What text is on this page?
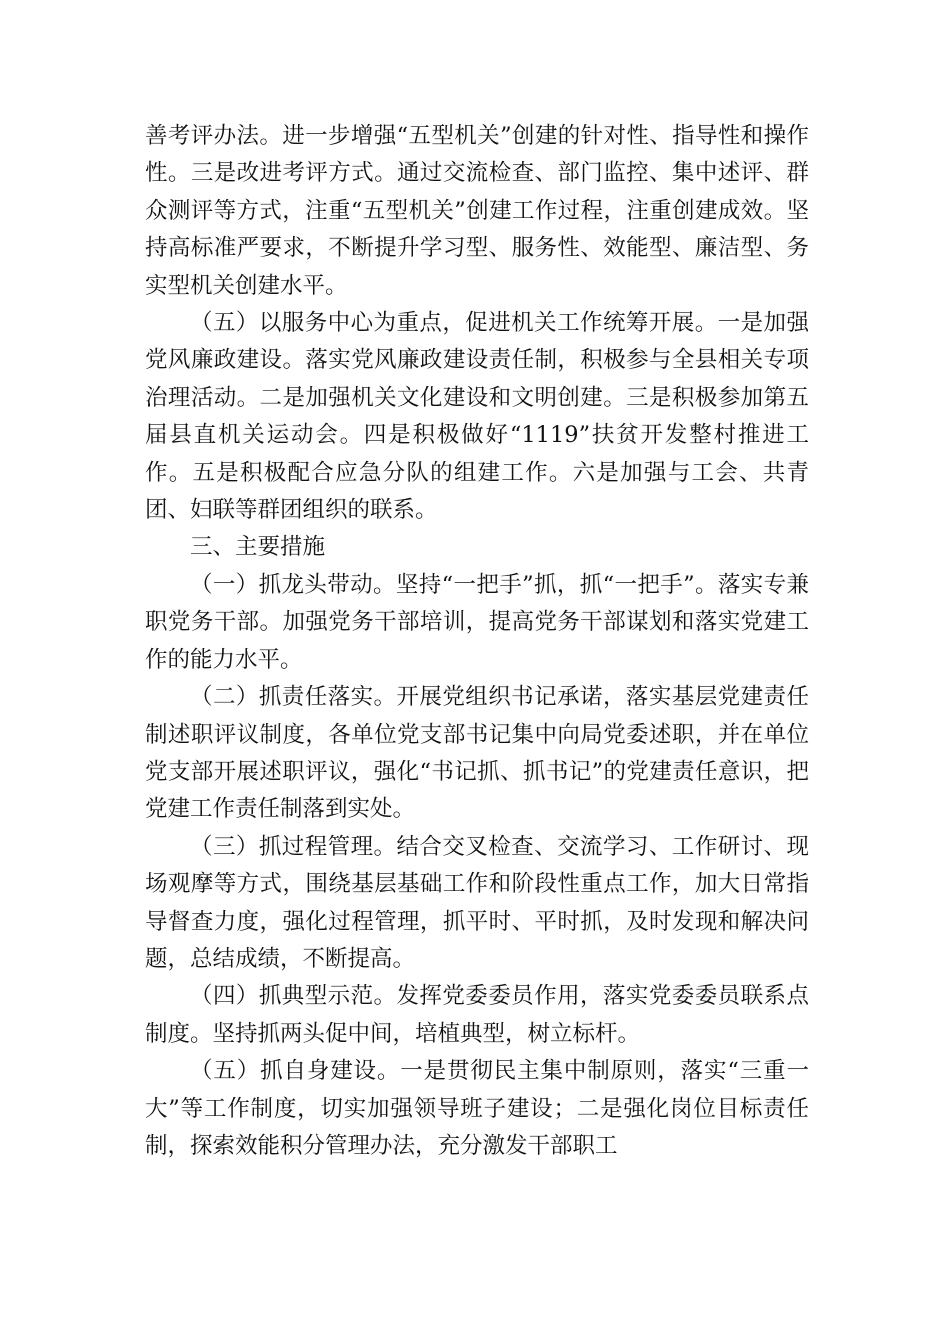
善考评办法。进一步增强“五型机关”创建的针对性、指导性和操作性。三是改进考评方式。通过交流检查、部门监控、集中述评、群众测评等方式，注重“五型机关”创建工作过程，注重创建成效。坚持高标准严要求，不断提升学习型、服务性、效能型、廉洁型、务实型机关创建水平。

（五）以服务中心为重点，促进机关工作统筹开展。一是加强党风廉政建设。落实党风廉政建设责任制，积极参与全县相关专项治理活动。二是加强机关文化建设和文明创建。三是积极参加第五届县直机关运动会。四是积极做好“1119”扶贫开发整村推进工作。五是积极配合应急分队的组建工作。六是加强与工会、共青团、妇联等群团组织的联系。

三、主要措施

（一）抓龙头带动。坚持“一把手”抓，抓“一把手”。落实专兼职党务干部。加强党务干部培训，提高党务干部谋划和落实党建工作的能力水平。

（二）抓责任落实。开展党组织书记承诺，落实基层党建责任制述职评议制度，各单位党支部书记集中向局党委述职，并在单位党支部开展述职评议，强化“书记抓、抓书记”的党建责任意识，把党建工作责任制落到实处。

（三）抓过程管理。结合交叉检查、交流学习、工作研讨、现场观摩等方式，围绕基层基础工作和阶段性重点工作，加大日常指导督查力度，强化过程管理，抓平时、平时抓，及时发现和解决问题，总结成绩，不断提高。

（四）抓典型示范。发挥党委委员作用，落实党委委员联系点制度。坚持抓两头促中间，培植典型，树立标杆。

（五）抓自身建设。一是贯彻民主集中制原则，落实“三重一大”等工作制度，切实加强领导班子建设；二是强化岗位目标责任制，探索效能积分管理办法，充分激发干部职工
